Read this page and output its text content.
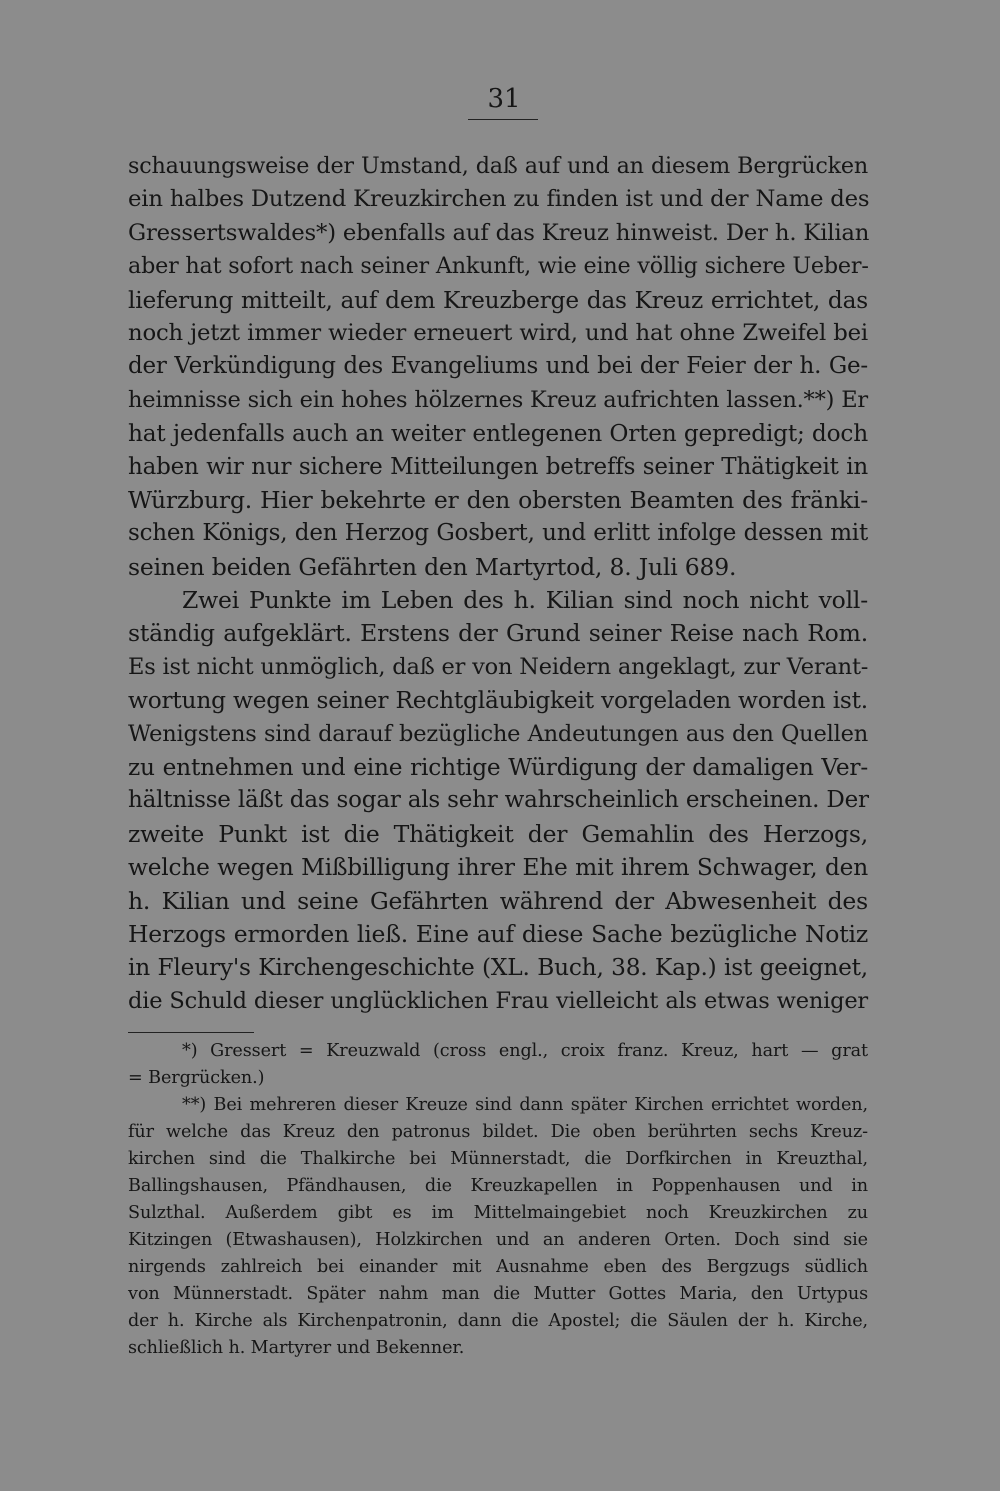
31
schauungsweise der Umstand, daß auf und an diesem Bergrücken
ein halbes Dutzend Kreuzkirchen zu finden ist und der Name des
Gressertswaldes*) ebenfalls auf das Kreuz hinweist. Der h. Kilian
aber hat sofort nach seiner Ankunft, wie eine völlig sichere Ueber-
lieferung mitteilt, auf dem Kreuzberge das Kreuz errichtet, das
noch jetzt immer wieder erneuert wird, und hat ohne Zweifel bei
der Verkündigung des Evangeliums und bei der Feier der h. Ge-
heimnisse sich ein hohes hölzernes Kreuz aufrichten lassen.**) Er
hat jedenfalls auch an weiter entlegenen Orten gepredigt; doch
haben wir nur sichere Mitteilungen betreffs seiner Thätigkeit in
Würzburg. Hier bekehrte er den obersten Beamten des fränki-
schen Königs, den Herzog Gosbert, und erlitt infolge dessen mit
seinen beiden Gefährten den Martyrtod, 8. Juli 689.
Zwei Punkte im Leben des h. Kilian sind noch nicht voll-
ständig aufgeklärt. Erstens der Grund seiner Reise nach Rom.
Es ist nicht unmöglich, daß er von Neidern angeklagt, zur Verant-
wortung wegen seiner Rechtgläubigkeit vorgeladen worden ist.
Wenigstens sind darauf bezügliche Andeutungen aus den Quellen
zu entnehmen und eine richtige Würdigung der damaligen Ver-
hältnisse läßt das sogar als sehr wahrscheinlich erscheinen. Der
zweite Punkt ist die Thätigkeit der Gemahlin des Herzogs,
welche wegen Mißbilligung ihrer Ehe mit ihrem Schwager, den
h. Kilian und seine Gefährten während der Abwesenheit des
Herzogs ermorden ließ. Eine auf diese Sache bezügliche Notiz
in Fleury's Kirchengeschichte (XL. Buch, 38. Kap.) ist geeignet,
die Schuld dieser unglücklichen Frau vielleicht als etwas weniger
*) Gressert = Kreuzwald (cross engl., croix franz. Kreuz, hart — grat
= Bergrücken.)
**) Bei mehreren dieser Kreuze sind dann später Kirchen errichtet worden,
für welche das Kreuz den patronus bildet. Die oben berührten sechs Kreuz-
kirchen sind die Thalkirche bei Münnerstadt, die Dorfkirchen in Kreuzthal,
Ballingshausen, Pfändhausen, die Kreuzkapellen in Poppenhausen und in
Sulzthal. Außerdem gibt es im Mittelmaingebiet noch Kreuzkirchen zu
Kitzingen (Etwashausen), Holzkirchen und an anderen Orten. Doch sind sie
nirgends zahlreich bei einander mit Ausnahme eben des Bergzugs südlich
von Münnerstadt. Später nahm man die Mutter Gottes Maria, den Urtypus
der h. Kirche als Kirchenpatronin, dann die Apostel; die Säulen der h. Kirche,
schließlich h. Martyrer und Bekenner.
